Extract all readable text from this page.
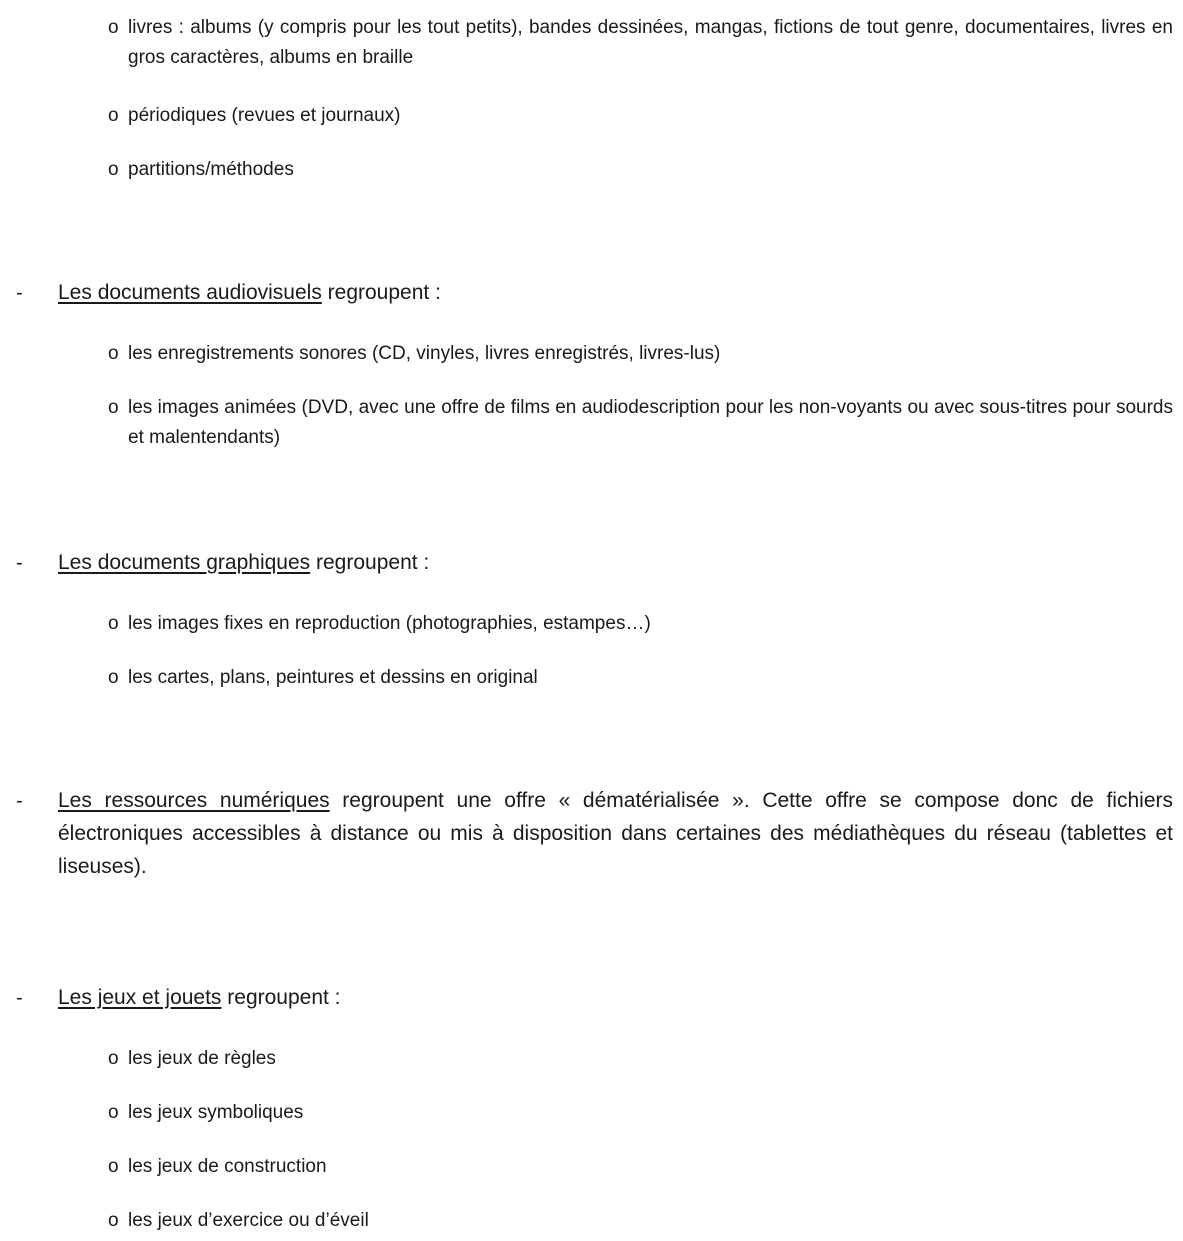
o livres : albums (y compris pour les tout petits), bandes dessinées, mangas, fictions de tout genre, documentaires, livres en gros caractères, albums en braille
o périodiques (revues et journaux)
o partitions/méthodes
- Les documents audiovisuels regroupent :
o les enregistrements sonores (CD, vinyles, livres enregistrés, livres-lus)
o les images animées (DVD, avec une offre de films en audiodescription pour les non-voyants ou avec sous-titres pour sourds et malentendants)
- Les documents graphiques regroupent :
o les images fixes en reproduction (photographies, estampes…)
o les cartes, plans, peintures et dessins en original
- Les ressources numériques regroupent une offre « dématérialisée ». Cette offre se compose donc de fichiers électroniques accessibles à distance ou mis à disposition dans certaines des médiathèques du réseau (tablettes et liseuses).
- Les jeux et jouets regroupent :
o les jeux de règles
o les jeux symboliques
o les jeux de construction
o les jeux d’exercice ou d’éveil
